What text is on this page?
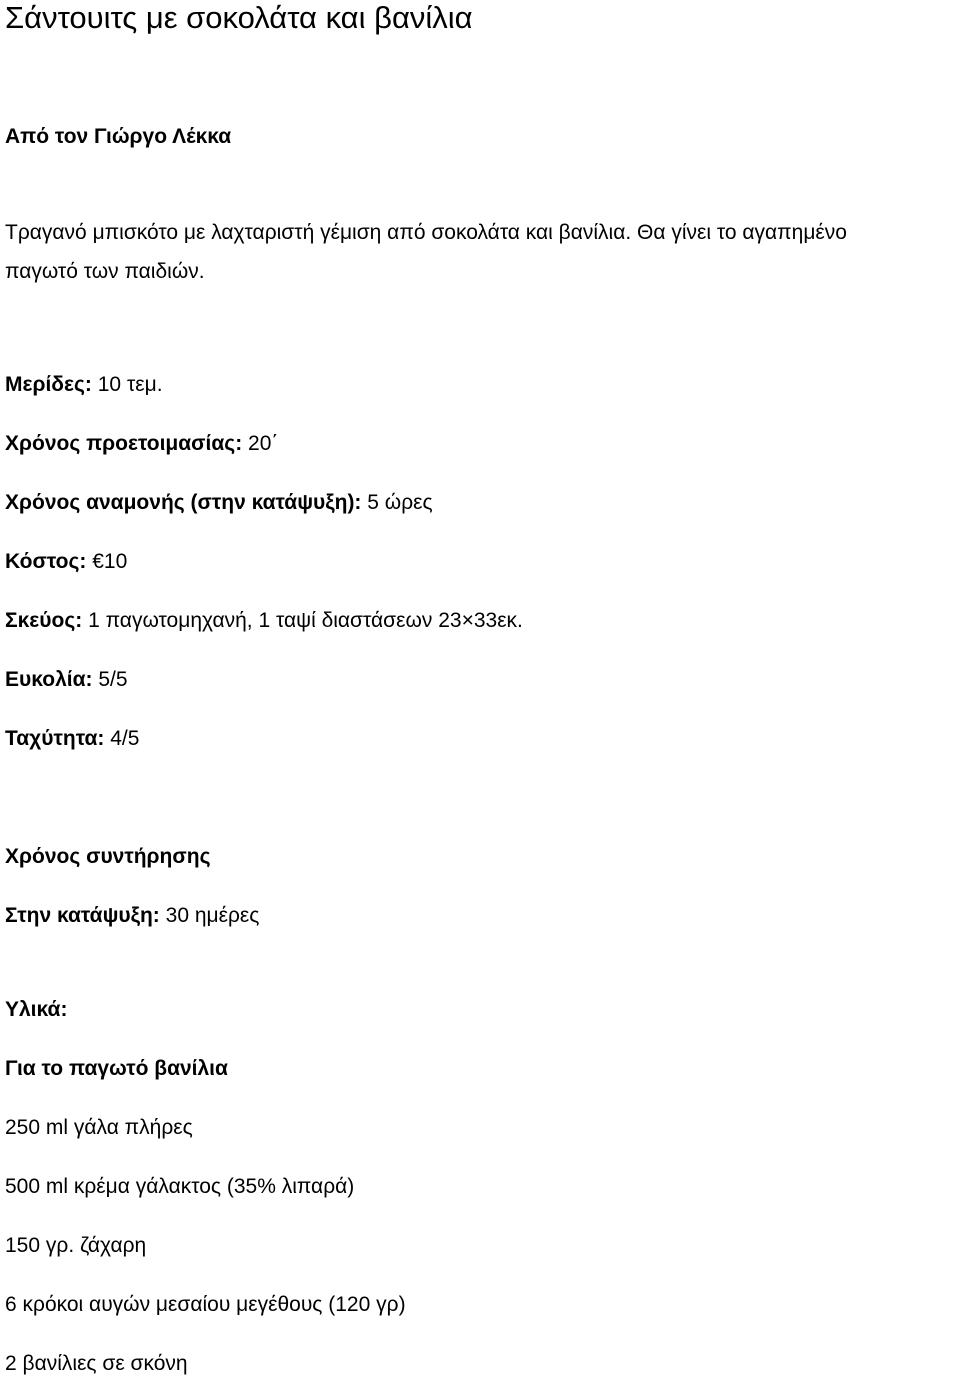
Σάντουιτς με σοκολάτα και βανίλια
Από τον Γιώργο Λέκκα
Τραγανό μπισκότο με λαχταριστή γέμιση από σοκολάτα και βανίλια. Θα γίνει το αγαπημένο
παγωτό των παιδιών.
Μερίδες: 10 τεμ.
Χρόνος προετοιμασίας: 20΄
Χρόνος αναμονής (στην κατάψυξη): 5 ώρες
Κόστος: €10
Σκεύος: 1 παγωτομηχανή, 1 ταψί διαστάσεων 23×33εκ.
Ευκολία: 5/5
Ταχύτητα: 4/5
Χρόνος συντήρησης
Στην κατάψυξη: 30 ημέρες
Υλικά:
Για το παγωτό βανίλια
250 ml γάλα πλήρες
500 ml κρέμα γάλακτος (35% λιπαρά)
150 γρ. ζάχαρη
6 κρόκοι αυγών μεσαίου μεγέθους (120 γρ)
2 βανίλιες σε σκόνη
